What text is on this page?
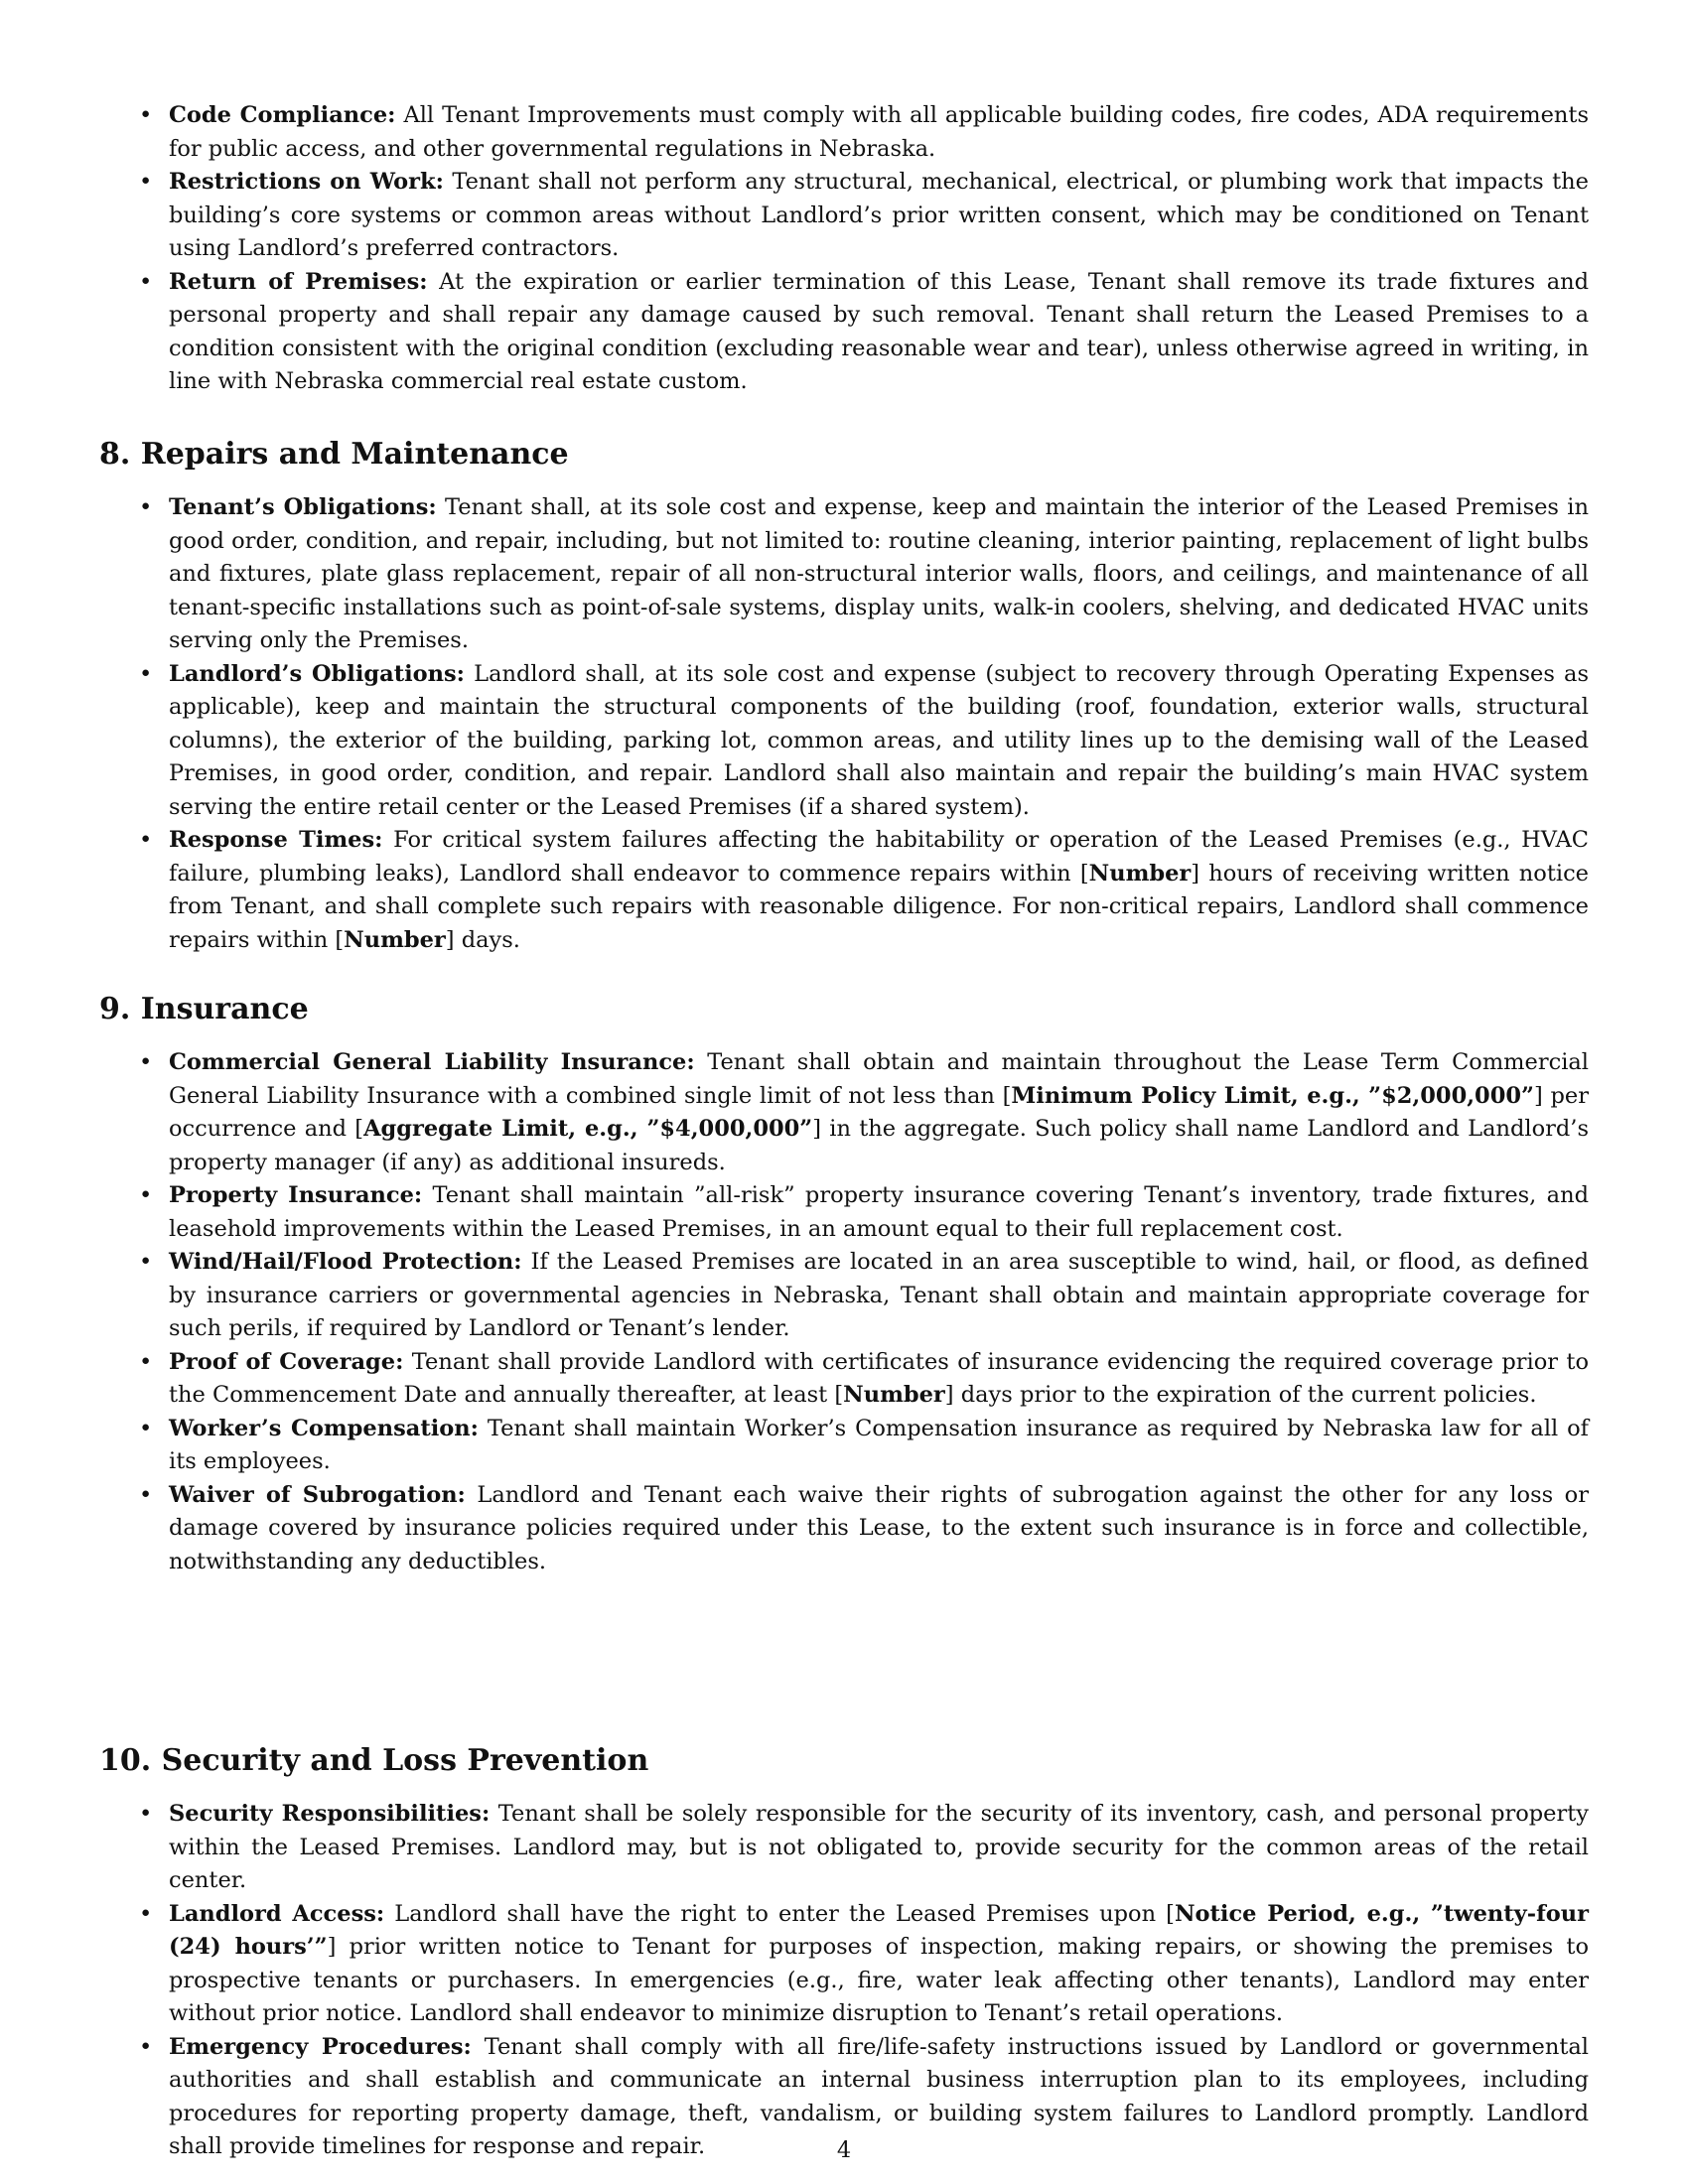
• Code Compliance: All Tenant Improvements must comply with all applicable building codes, fire codes, ADA requirements for public access, and other governmental regulations in Nebraska.
• Restrictions on Work: Tenant shall not perform any structural, mechanical, electrical, or plumbing work that impacts the building’s core systems or common areas without Landlord’s prior written consent, which may be conditioned on Tenant using Landlord’s preferred contractors.
• Return of Premises: At the expiration or earlier termination of this Lease, Tenant shall remove its trade fixtures and personal property and shall repair any damage caused by such removal. Tenant shall return the Leased Premises to a condition consistent with the original condition (excluding reasonable wear and tear), unless otherwise agreed in writing, in line with Nebraska commercial real estate custom.
8. Repairs and Maintenance
• Tenant’s Obligations: Tenant shall, at its sole cost and expense, keep and maintain the interior of the Leased Premises in good order, condition, and repair, including, but not limited to: routine cleaning, interior painting, replacement of light bulbs and fixtures, plate glass replacement, repair of all non-structural interior walls, floors, and ceilings, and maintenance of all tenant-specific installations such as point-of-sale systems, display units, walk-in coolers, shelving, and dedicated HVAC units serving only the Premises.
• Landlord’s Obligations: Landlord shall, at its sole cost and expense (subject to recovery through Operating Expenses as applicable), keep and maintain the structural components of the building (roof, foundation, exterior walls, structural columns), the exterior of the building, parking lot, common areas, and utility lines up to the demising wall of the Leased Premises, in good order, condition, and repair. Landlord shall also maintain and repair the building’s main HVAC system serving the entire retail center or the Leased Premises (if a shared system).
• Response Times: For critical system failures affecting the habitability or operation of the Leased Premises (e.g., HVAC failure, plumbing leaks), Landlord shall endeavor to commence repairs within [Number] hours of receiving written notice from Tenant, and shall complete such repairs with reasonable diligence. For non-critical repairs, Landlord shall commence repairs within [Number] days.
9. Insurance
• Commercial General Liability Insurance: Tenant shall obtain and maintain throughout the Lease Term Commercial General Liability Insurance with a combined single limit of not less than [Minimum Policy Limit, e.g., ”$2,000,000”] per occurrence and [Aggregate Limit, e.g., ”$4,000,000”] in the aggregate. Such policy shall name Landlord and Landlord’s property manager (if any) as additional insureds.
• Property Insurance: Tenant shall maintain ”all-risk” property insurance covering Tenant’s inventory, trade fixtures, and leasehold improvements within the Leased Premises, in an amount equal to their full replacement cost.
• Wind/Hail/Flood Protection: If the Leased Premises are located in an area susceptible to wind, hail, or flood, as defined by insurance carriers or governmental agencies in Nebraska, Tenant shall obtain and maintain appropriate coverage for such perils, if required by Landlord or Tenant’s lender.
• Proof of Coverage: Tenant shall provide Landlord with certificates of insurance evidencing the required coverage prior to the Commencement Date and annually thereafter, at least [Number] days prior to the expiration of the current policies.
• Worker’s Compensation: Tenant shall maintain Worker’s Compensation insurance as required by Nebraska law for all of its employees.
• Waiver of Subrogation: Landlord and Tenant each waive their rights of subrogation against the other for any loss or damage covered by insurance policies required under this Lease, to the extent such insurance is in force and collectible, notwithstanding any deductibles.
10. Security and Loss Prevention
• Security Responsibilities: Tenant shall be solely responsible for the security of its inventory, cash, and personal property within the Leased Premises. Landlord may, but is not obligated to, provide security for the common areas of the retail center.
• Landlord Access: Landlord shall have the right to enter the Leased Premises upon [Notice Period, e.g., ”twenty-four (24) hours’”] prior written notice to Tenant for purposes of inspection, making repairs, or showing the premises to prospective tenants or purchasers. In emergencies (e.g., fire, water leak affecting other tenants), Landlord may enter without prior notice. Landlord shall endeavor to minimize disruption to Tenant’s retail operations.
• Emergency Procedures: Tenant shall comply with all fire/life-safety instructions issued by Landlord or governmental authorities and shall establish and communicate an internal business interruption plan to its employees, including procedures for reporting property damage, theft, vandalism, or building system failures to Landlord promptly. Landlord shall provide timelines for response and repair.	4
